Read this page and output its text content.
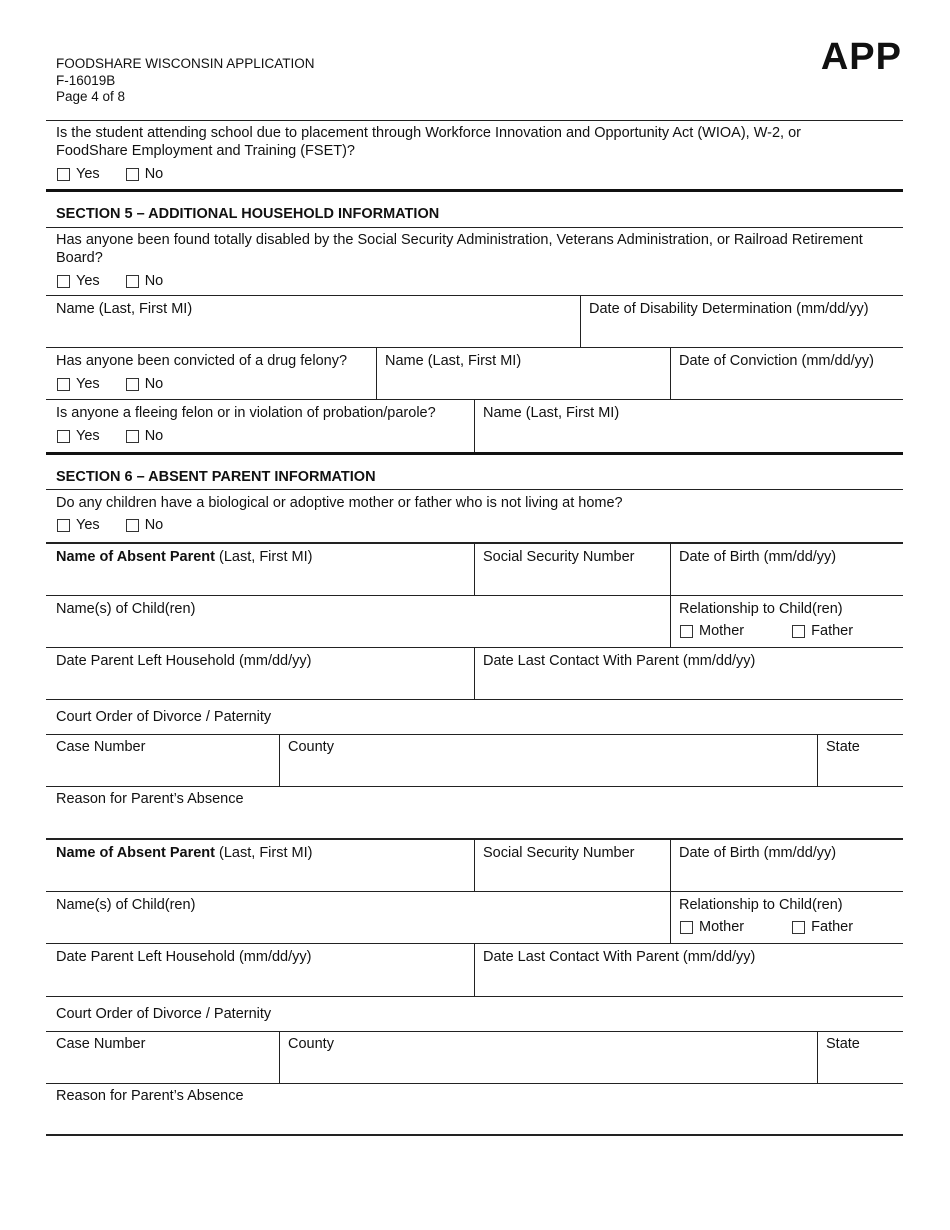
FOODSHARE WISCONSIN APPLICATION
F-16019B
Page 4 of 8
APP
Is the student attending school due to placement through Workforce Innovation and Opportunity Act (WIOA), W-2, or FoodShare Employment and Training (FSET)?
Yes
	No
SECTION 5 – ADDITIONAL HOUSEHOLD INFORMATION
Has anyone been found totally disabled by the Social Security Administration, Veterans Administration, or Railroad Retirement Board?
Yes
	No
Name (Last, First MI)	Date of Disability Determination (mm/dd/yy)
Has anyone been convicted of a drug felony?
Yes
	No
Name (Last, First MI)	Date of Conviction (mm/dd/yy)
Is anyone a fleeing felon or in violation of probation/parole?
Yes
	No
Name (Last, First MI)
SECTION 6 – ABSENT PARENT INFORMATION
Do any children have a biological or adoptive mother or father who is not living at home?
Yes
	No
Name of Absent Parent (Last, First MI)	Social Security Number	Date of Birth (mm/dd/yy)
Name(s) of Child(ren)	Relationship to Child(ren)
Mother
	Father
Date Parent Left Household (mm/dd/yy)	Date Last Contact With Parent (mm/dd/yy)
Court Order of Divorce / Paternity
Case Number	County	State
Reason for Parent’s Absence
Name of Absent Parent (Last, First MI)	Social Security Number	Date of Birth (mm/dd/yy)
Name(s) of Child(ren)	Relationship to Child(ren)
Mother
	Father
Date Parent Left Household (mm/dd/yy)	Date Last Contact With Parent (mm/dd/yy)
Court Order of Divorce / Paternity
Case Number	County	State
Reason for Parent’s Absence
